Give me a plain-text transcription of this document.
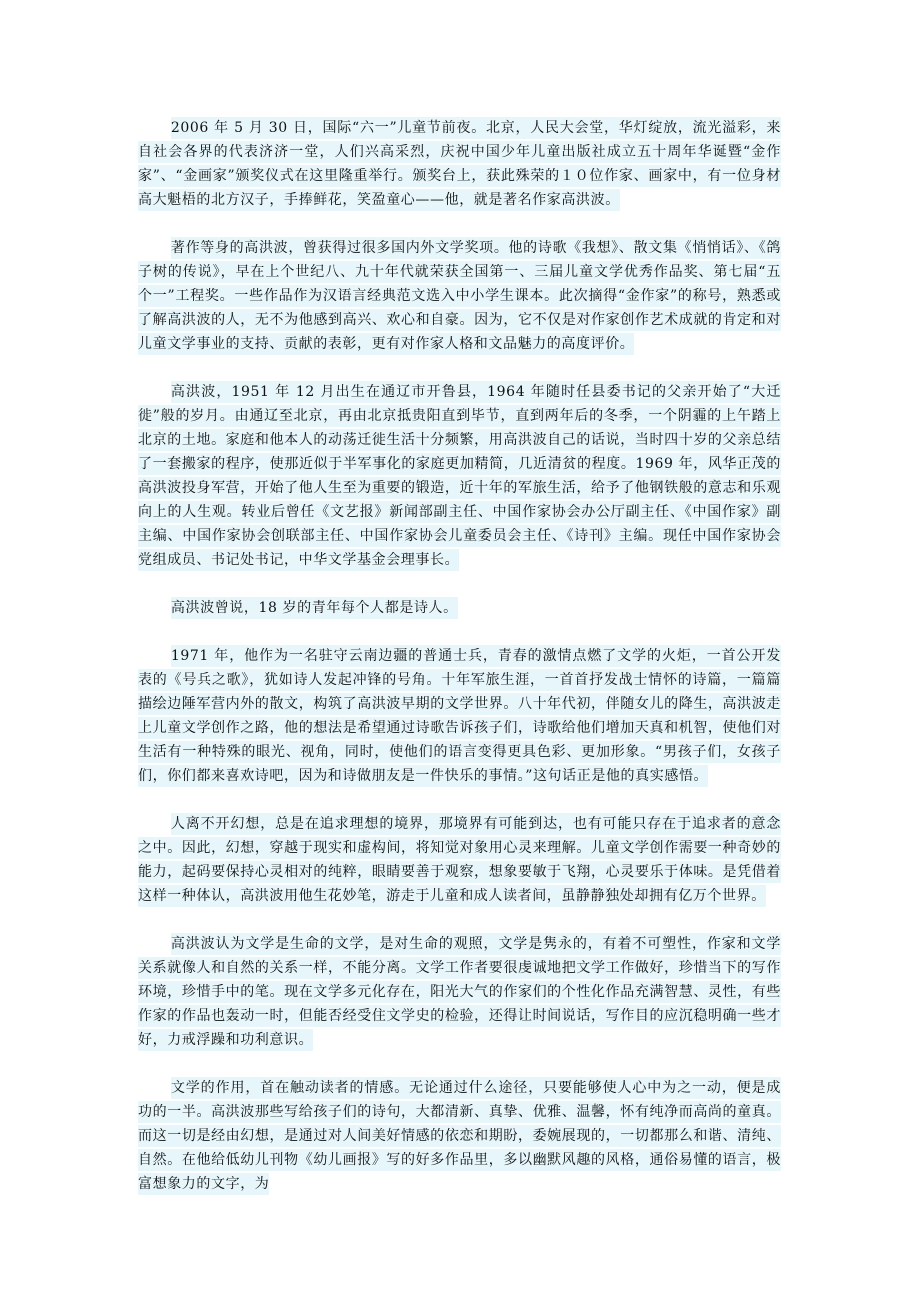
2006 年 5 月 30 日，国际“六一”儿童节前夜。北京，人民大会堂，华灯绽放，流光溢彩，来自社会各界的代表济济一堂，人们兴高采烈，庆祝中国少年儿童出版社成立五十周年华诞暨“金作家”、“金画家”颁奖仪式在这里隆重举行。颁奖台上，获此殊荣的１０位作家、画家中，有一位身材高大魁梧的北方汉子，手捧鲜花，笑盈童心——他，就是著名作家高洪波。

著作等身的高洪波，曾获得过很多国内外文学奖项。他的诗歌《我想》、散文集《悄悄话》、《鸽子树的传说》，早在上个世纪八、九十年代就荣获全国第一、三届儿童文学优秀作品奖、第七届“五个一”工程奖。一些作品作为汉语言经典范文选入中小学生课本。此次摘得“金作家”的称号，熟悉或了解高洪波的人，无不为他感到高兴、欢心和自豪。因为，它不仅是对作家创作艺术成就的肯定和对儿童文学事业的支持、贡献的表彰，更有对作家人格和文品魅力的高度评价。

高洪波，1951 年 12 月出生在通辽市开鲁县，1964 年随时任县委书记的父亲开始了“大迁徙”般的岁月。由通辽至北京，再由北京抵贵阳直到毕节，直到两年后的冬季，一个阴霾的上午踏上北京的土地。家庭和他本人的动荡迁徙生活十分频繁，用高洪波自己的话说，当时四十岁的父亲总结了一套搬家的程序，使那近似于半军事化的家庭更加精简，几近清贫的程度。1969 年，风华正茂的高洪波投身军营，开始了他人生至为重要的锻造，近十年的军旅生活，给予了他钢铁般的意志和乐观向上的人生观。转业后曾任《文艺报》新闻部副主任、中国作家协会办公厅副主任、《中国作家》副主编、中国作家协会创联部主任、中国作家协会儿童委员会主任、《诗刊》主编。现任中国作家协会党组成员、书记处书记，中华文学基金会理事长。

高洪波曾说，18 岁的青年每个人都是诗人。

1971 年，他作为一名驻守云南边疆的普通士兵，青春的激情点燃了文学的火炬，一首公开发表的《号兵之歌》，犹如诗人发起冲锋的号角。十年军旅生涯，一首首抒发战士情怀的诗篇，一篇篇描绘边陲军营内外的散文，构筑了高洪波早期的文学世界。八十年代初，伴随女儿的降生，高洪波走上儿童文学创作之路，他的想法是希望通过诗歌告诉孩子们，诗歌给他们增加天真和机智，使他们对生活有一种特殊的眼光、视角，同时，使他们的语言变得更具色彩、更加形象。“男孩子们，女孩子们，你们都来喜欢诗吧，因为和诗做朋友是一件快乐的事情。”这句话正是他的真实感悟。

人离不开幻想，总是在追求理想的境界，那境界有可能到达，也有可能只存在于追求者的意念之中。因此，幻想，穿越于现实和虚构间，将知觉对象用心灵来理解。儿童文学创作需要一种奇妙的能力，起码要保持心灵相对的纯粹，眼睛要善于观察，想象要敏于飞翔，心灵要乐于体味。是凭借着这样一种体认，高洪波用他生花妙笔，游走于儿童和成人读者间，虽静静独处却拥有亿万个世界。

高洪波认为文学是生命的文学，是对生命的观照，文学是隽永的，有着不可塑性，作家和文学关系就像人和自然的关系一样，不能分离。文学工作者要很虔诚地把文学工作做好，珍惜当下的写作环境，珍惜手中的笔。现在文学多元化存在，阳光大气的作家们的个性化作品充满智慧、灵性，有些作家的作品也轰动一时，但能否经受住文学史的检验，还得让时间说话，写作目的应沉稳明确一些才好，力戒浮躁和功利意识。

文学的作用，首在触动读者的情感。无论通过什么途径，只要能够使人心中为之一动，便是成功的一半。高洪波那些写给孩子们的诗句，大都清新、真挚、优雅、温馨，怀有纯净而高尚的童真。而这一切是经由幻想，是通过对人间美好情感的依恋和期盼，委婉展现的，一切都那么和谐、清纯、自然。在他给低幼儿刊物《幼儿画报》写的好多作品里，多以幽默风趣的风格，通俗易懂的语言，极富想象力的文字，为
